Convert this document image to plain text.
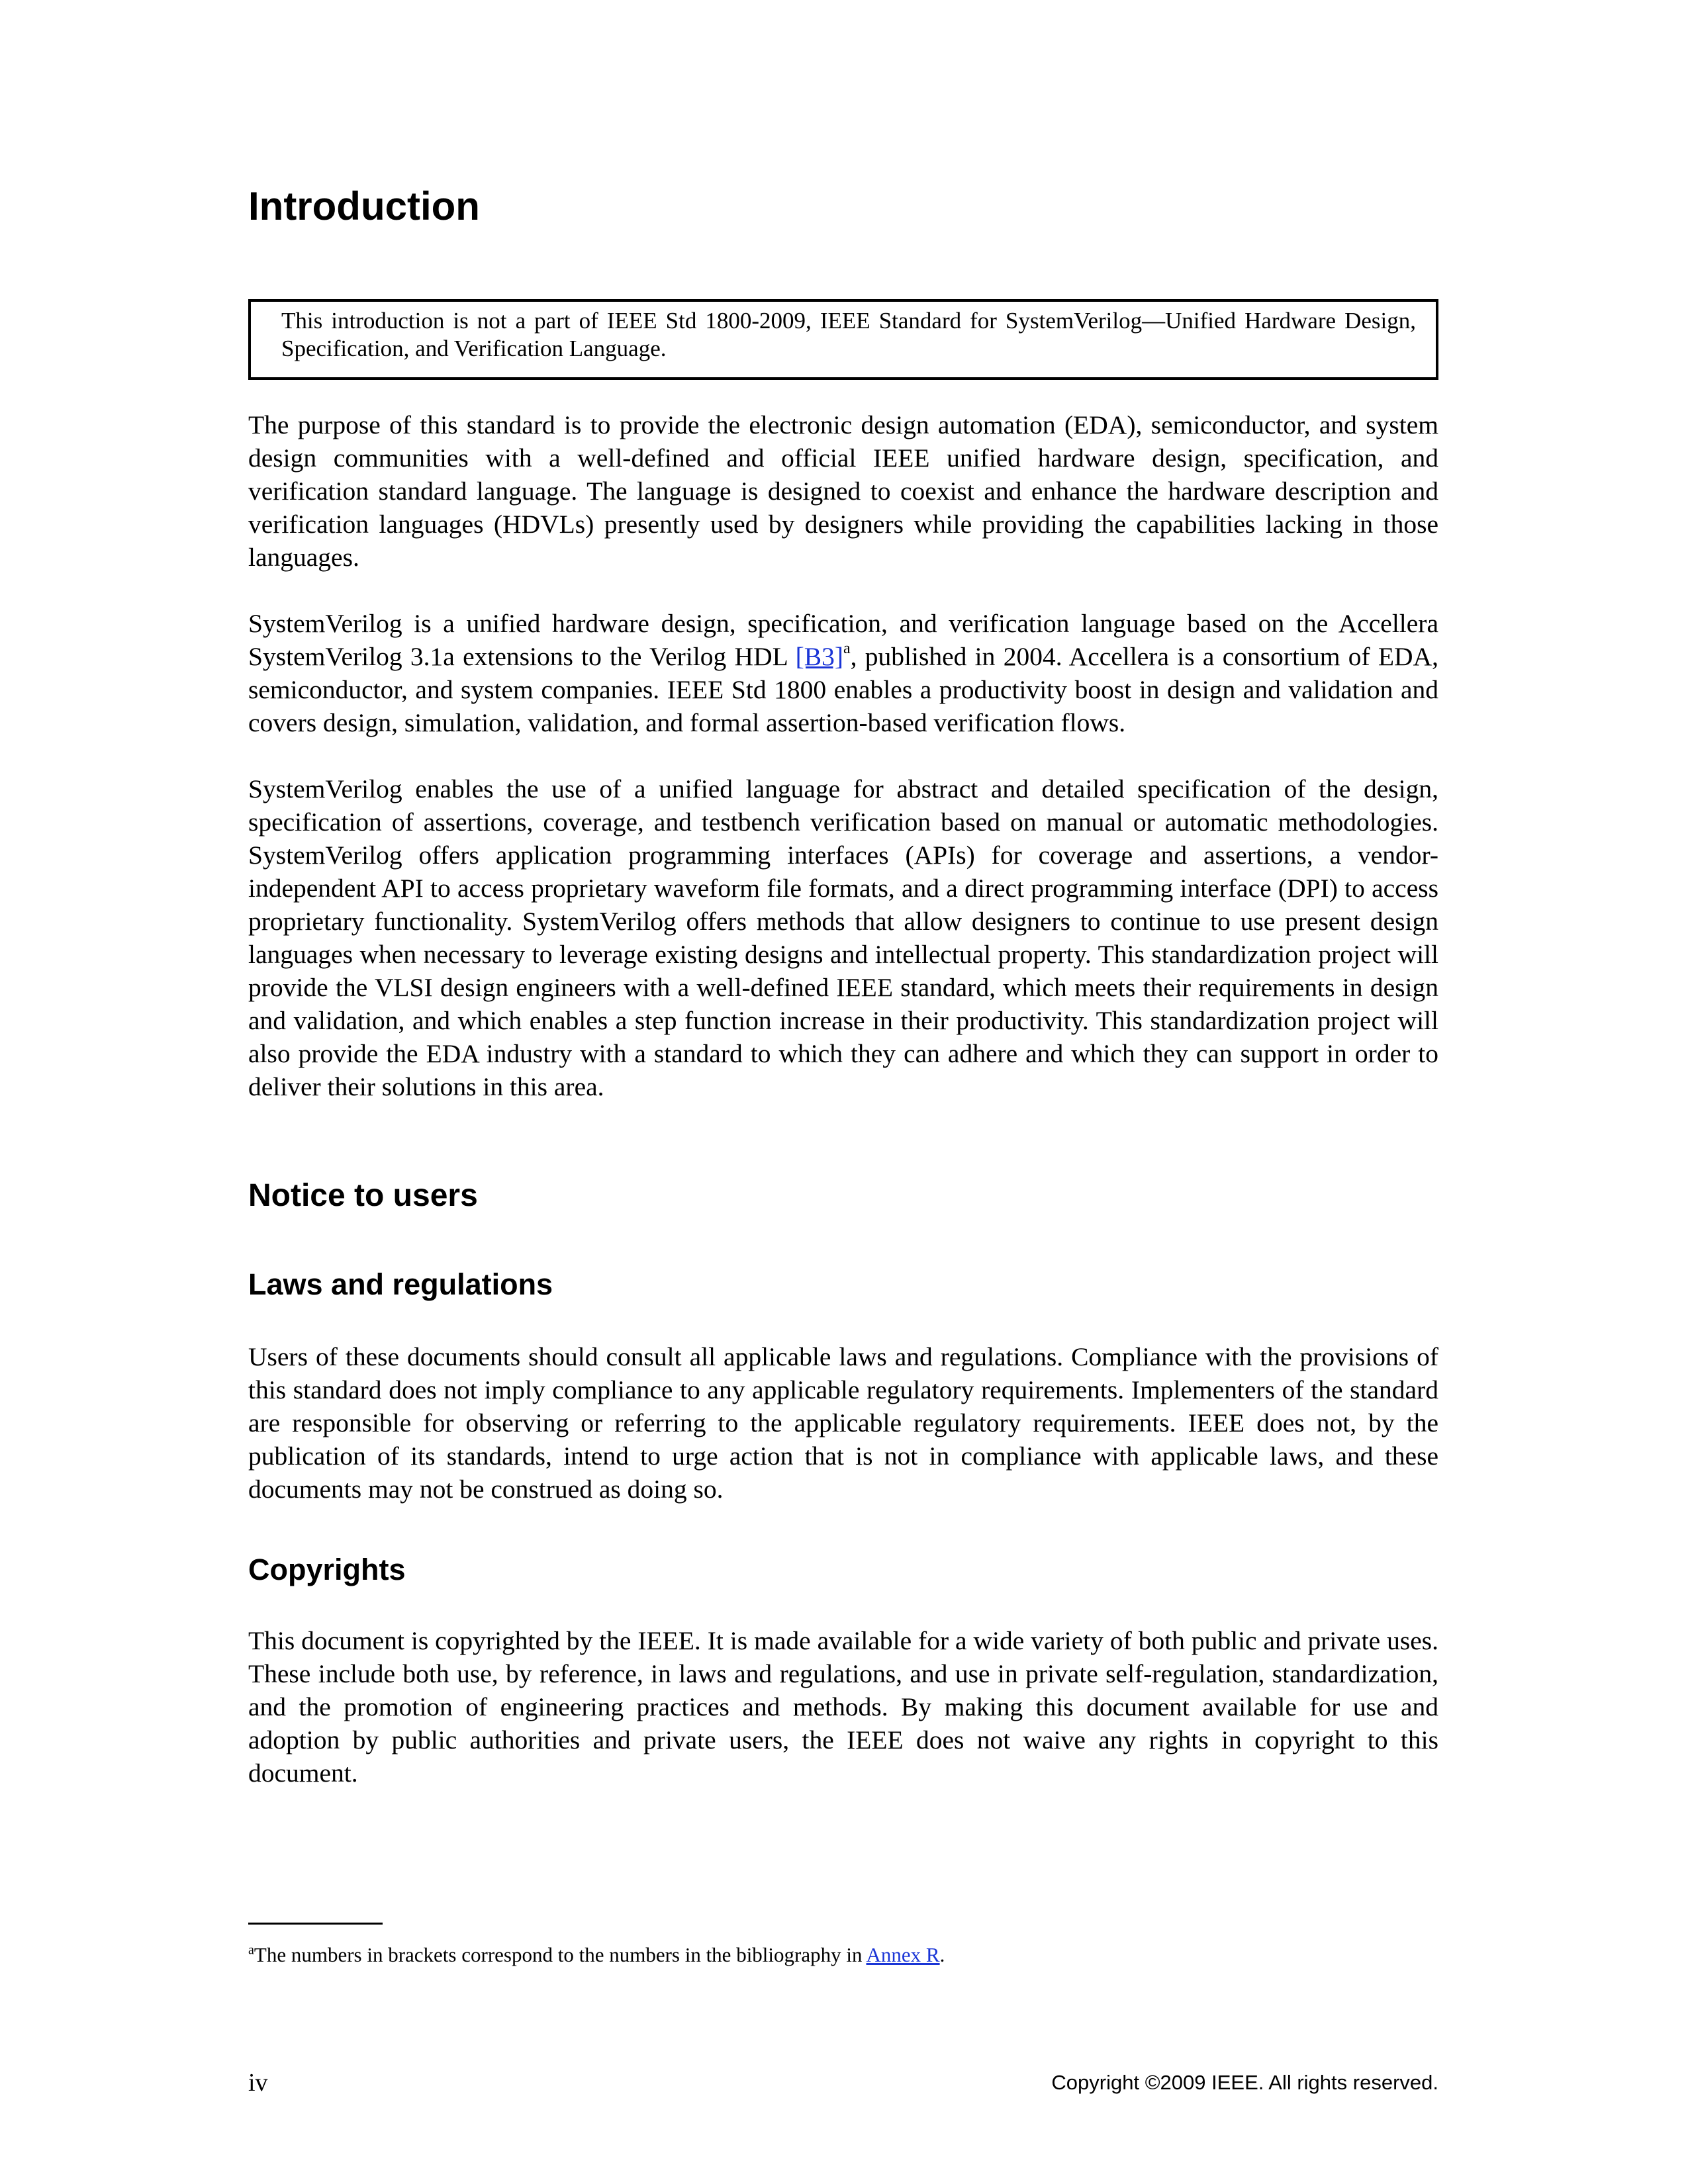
Introduction
This introduction is not a part of IEEE Std 1800-2009, IEEE Standard for SystemVerilog—Unified Hardware Design, Specification, and Verification Language.

The purpose of this standard is to provide the electronic design automation (EDA), semiconductor, and system design communities with a well-defined and official IEEE unified hardware design, specification, and verification standard language. The language is designed to coexist and enhance the hardware description and verification languages (HDVLs) presently used by designers while providing the capabilities lacking in those languages.

SystemVerilog is a unified hardware design, specification, and verification language based on the Accellera SystemVerilog 3.1a extensions to the Verilog HDL [B3]$^a$, published in 2004. Accellera is a consortium of EDA, semiconductor, and system companies. IEEE Std 1800 enables a productivity boost in design and validation and covers design, simulation, validation, and formal assertion-based verification flows.

SystemVerilog enables the use of a unified language for abstract and detailed specification of the design, specification of assertions, coverage, and testbench verification based on manual or automatic methodologies. SystemVerilog offers application programming interfaces (APIs) for coverage and assertions, a vendor-independent API to access proprietary waveform file formats, and a direct programming interface (DPI) to access proprietary functionality. SystemVerilog offers methods that allow designers to continue to use present design languages when necessary to leverage existing designs and intellectual property. This standardization project will provide the VLSI design engineers with a well-defined IEEE standard, which meets their requirements in design and validation, and which enables a step function increase in their productivity. This standardization project will also provide the EDA industry with a standard to which they can adhere and which they can support in order to deliver their solutions in this area.

Notice to users
Laws and regulations

Users of these documents should consult all applicable laws and regulations. Compliance with the provisions of this standard does not imply compliance to any applicable regulatory requirements. Implementers of the standard are responsible for observing or referring to the applicable regulatory requirements. IEEE does not, by the publication of its standards, intend to urge action that is not in compliance with applicable laws, and these documents may not be construed as doing so.

Copyrights

This document is copyrighted by the IEEE. It is made available for a wide variety of both public and private uses. These include both use, by reference, in laws and regulations, and use in private self-regulation, standardization, and the promotion of engineering practices and methods. By making this document available for use and adoption by public authorities and private users, the IEEE does not waive any rights in copyright to this document.

$^a$The numbers in brackets correspond to the numbers in the bibliography in Annex R.

iv	Copyright ©2009 IEEE. All rights reserved.
